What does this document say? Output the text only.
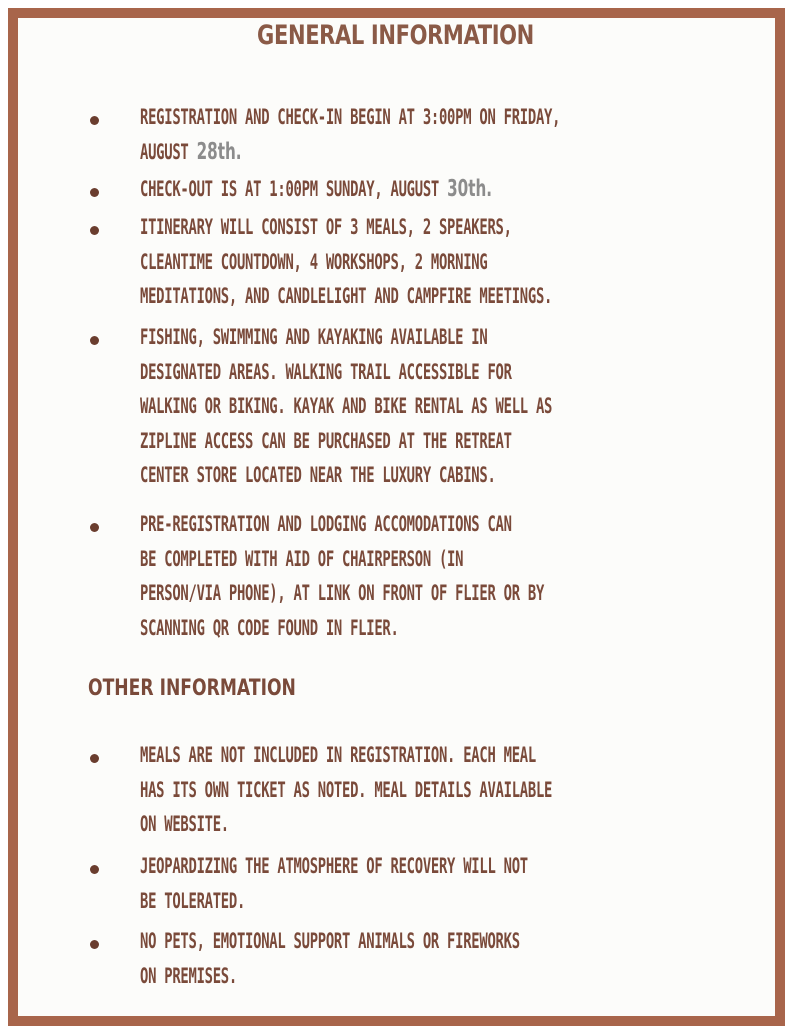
GENERAL INFORMATION
REGISTRATION AND CHECK-IN BEGIN AT 3:00PM ON FRIDAY,
AUGUST 28th.
CHECK-OUT IS AT 1:00PM SUNDAY, AUGUST 30th.
ITINERARY WILL CONSIST OF 3 MEALS, 2 SPEAKERS,
CLEANTIME COUNTDOWN, 4 WORKSHOPS, 2 MORNING
MEDITATIONS, AND CANDLELIGHT AND CAMPFIRE MEETINGS.
FISHING, SWIMMING AND KAYAKING AVAILABLE IN
DESIGNATED AREAS. WALKING TRAIL ACCESSIBLE FOR
WALKING OR BIKING. KAYAK AND BIKE RENTAL AS WELL AS
ZIPLINE ACCESS CAN BE PURCHASED AT THE RETREAT
CENTER STORE LOCATED NEAR THE LUXURY CABINS.
PRE-REGISTRATION AND LODGING ACCOMODATIONS CAN
BE COMPLETED WITH AID OF CHAIRPERSON (IN
PERSON/VIA PHONE), AT LINK ON FRONT OF FLIER OR BY
SCANNING QR CODE FOUND IN FLIER.
OTHER INFORMATION
MEALS ARE NOT INCLUDED IN REGISTRATION. EACH MEAL
HAS ITS OWN TICKET AS NOTED. MEAL DETAILS AVAILABLE
ON WEBSITE.
JEOPARDIZING THE ATMOSPHERE OF RECOVERY WILL NOT
BE TOLERATED.
NO PETS, EMOTIONAL SUPPORT ANIMALS OR FIREWORKS
ON PREMISES.
